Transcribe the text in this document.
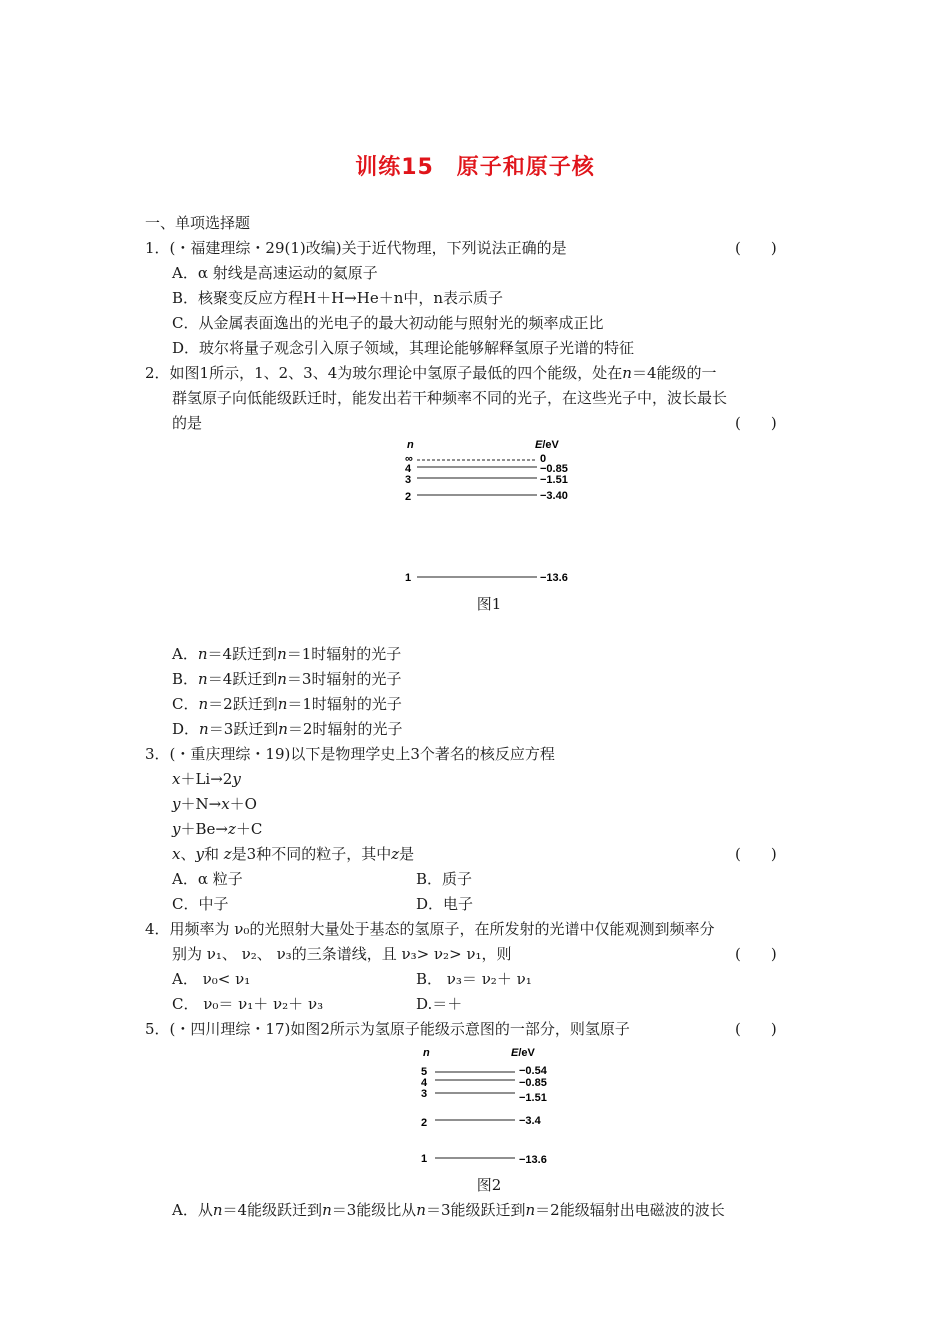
训练15　原子和原子核
一、单项选择题
1．(・福建理综・29(1)改编)关于近代物理，下列说法正确的是	(　　)
A．α 射线是高速运动的氦原子
B．核聚变反应方程H＋H→He＋n中，n表示质子
C．从金属表面逸出的光电子的最大初动能与照射光的频率成正比
D．玻尔将量子观念引入原子领域，其理论能够解释氢原子光谱的特征
2．如图1所示，1、2、3、4为玻尔理论中氢原子最低的四个能级，处在n＝4能级的一
群氢原子向低能级跃迁时，能发出若干种频率不同的光子，在这些光子中，波长最长
的是	(　　)
n	E/eV
∞	0
4	−0.85
3	−1.51
2	−3.40
1	−13.6
图1
A．n＝4跃迁到n＝1时辐射的光子
B．n＝4跃迁到n＝3时辐射的光子
C．n＝2跃迁到n＝1时辐射的光子
D．n＝3跃迁到n＝2时辐射的光子
3．(・重庆理综・19)以下是物理学史上3个著名的核反应方程
x＋Li→2y
y＋N→x＋O
y＋Be→z＋C
x、y和 z是3种不同的粒子，其中z是	(　　)
A．α 粒子	B．质子
C．中子	D．电子
4．用频率为 ν₀的光照射大量处于基态的氢原子，在所发射的光谱中仅能观测到频率分
别为 ν₁、 ν₂、 ν₃的三条谱线，且 ν₃> ν₂> ν₁，则	(　　)
A． ν₀< ν₁	B． ν₃＝ ν₂＋ ν₁
C． ν₀＝ ν₁＋ ν₂＋ ν₃	D.＝＋
5．(・四川理综・17)如图2所示为氢原子能级示意图的一部分，则氢原子	(　　)
n	E/eV
5	−0.54
4	−0.85
3	−1.51
2	−3.4
1	−13.6
图2
A．从n＝4能级跃迁到n＝3能级比从n＝3能级跃迁到n＝2能级辐射出电磁波的波长
